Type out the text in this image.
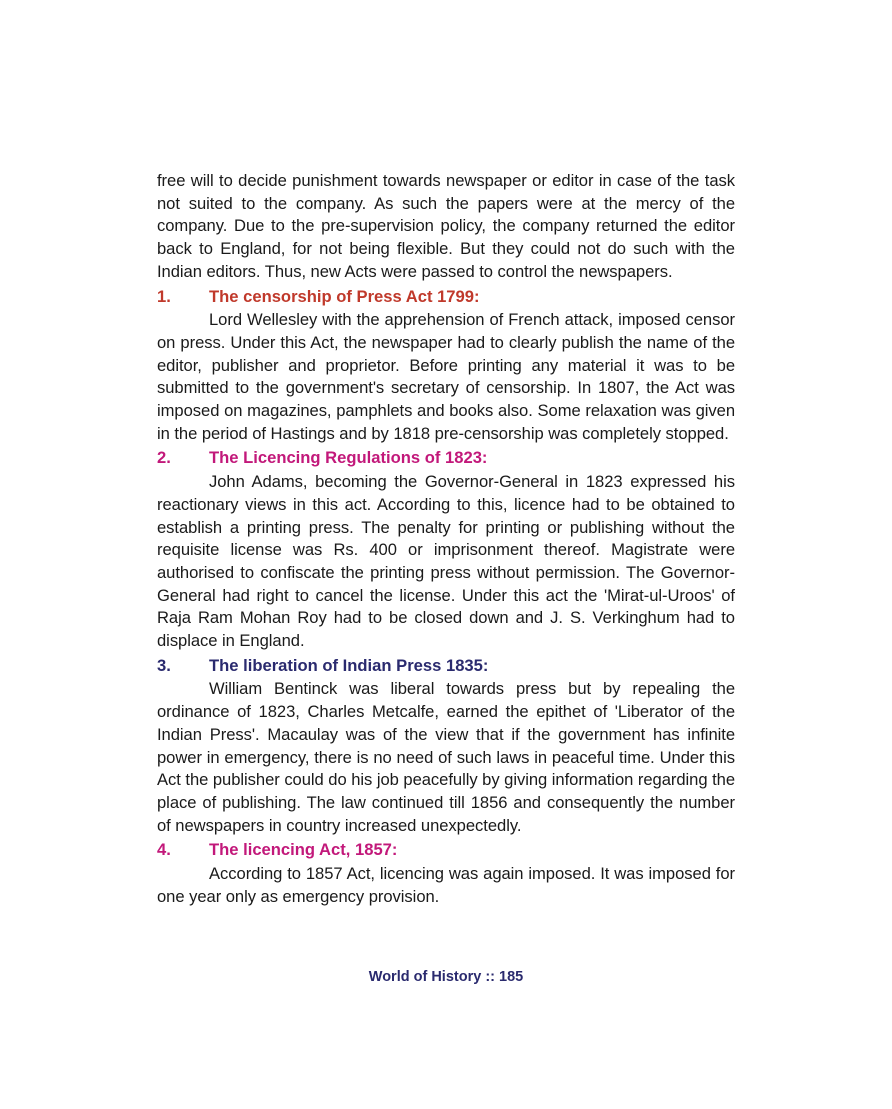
free will to decide punishment towards newspaper or editor in case of the task not suited to the company. As such the papers were at the mercy of the company. Due to the pre-supervision policy, the company returned the editor back to England, for not being flexible. But they could not do such with the Indian editors. Thus, new Acts were passed to control the newspapers.

1.	The censorship of Press Act 1799:

Lord Wellesley with the apprehension of French attack, imposed censor on press. Under this Act, the newspaper had to clearly publish the name of the editor, publisher and proprietor. Before printing any material it was to be submitted to the government's secretary of censorship. In 1807, the Act was imposed on magazines, pamphlets and books also. Some relaxation was given in the period of Hastings and by 1818 pre-censorship was completely stopped.

2.	The Licencing Regulations of 1823:

John Adams, becoming the Governor-General in 1823 expressed his reactionary views in this act. According to this, licence had to be obtained to establish a printing press. The penalty for printing or publishing without the requisite license was Rs. 400 or imprisonment thereof. Magistrate were authorised to confiscate the printing press without permission. The Governor-General had right to cancel the license. Under this act the 'Mirat-ul-Uroos' of Raja Ram Mohan Roy had to be closed down and J. S. Verkinghum had to displace in England.

3.	The liberation of Indian Press 1835:

William Bentinck was liberal towards press but by repealing the ordinance of 1823, Charles Metcalfe, earned the epithet of 'Liberator of the Indian Press'. Macaulay was of the view that if the government has infinite power in emergency, there is no need of such laws in peaceful time. Under this Act the publisher could do his job peacefully by giving information regarding the place of publishing. The law continued till 1856 and consequently the number of newspapers in country increased unexpectedly.

4.	The licencing Act, 1857:

According to 1857 Act, licencing was again imposed. It was imposed for one year only as emergency provision.

World of History :: 185
